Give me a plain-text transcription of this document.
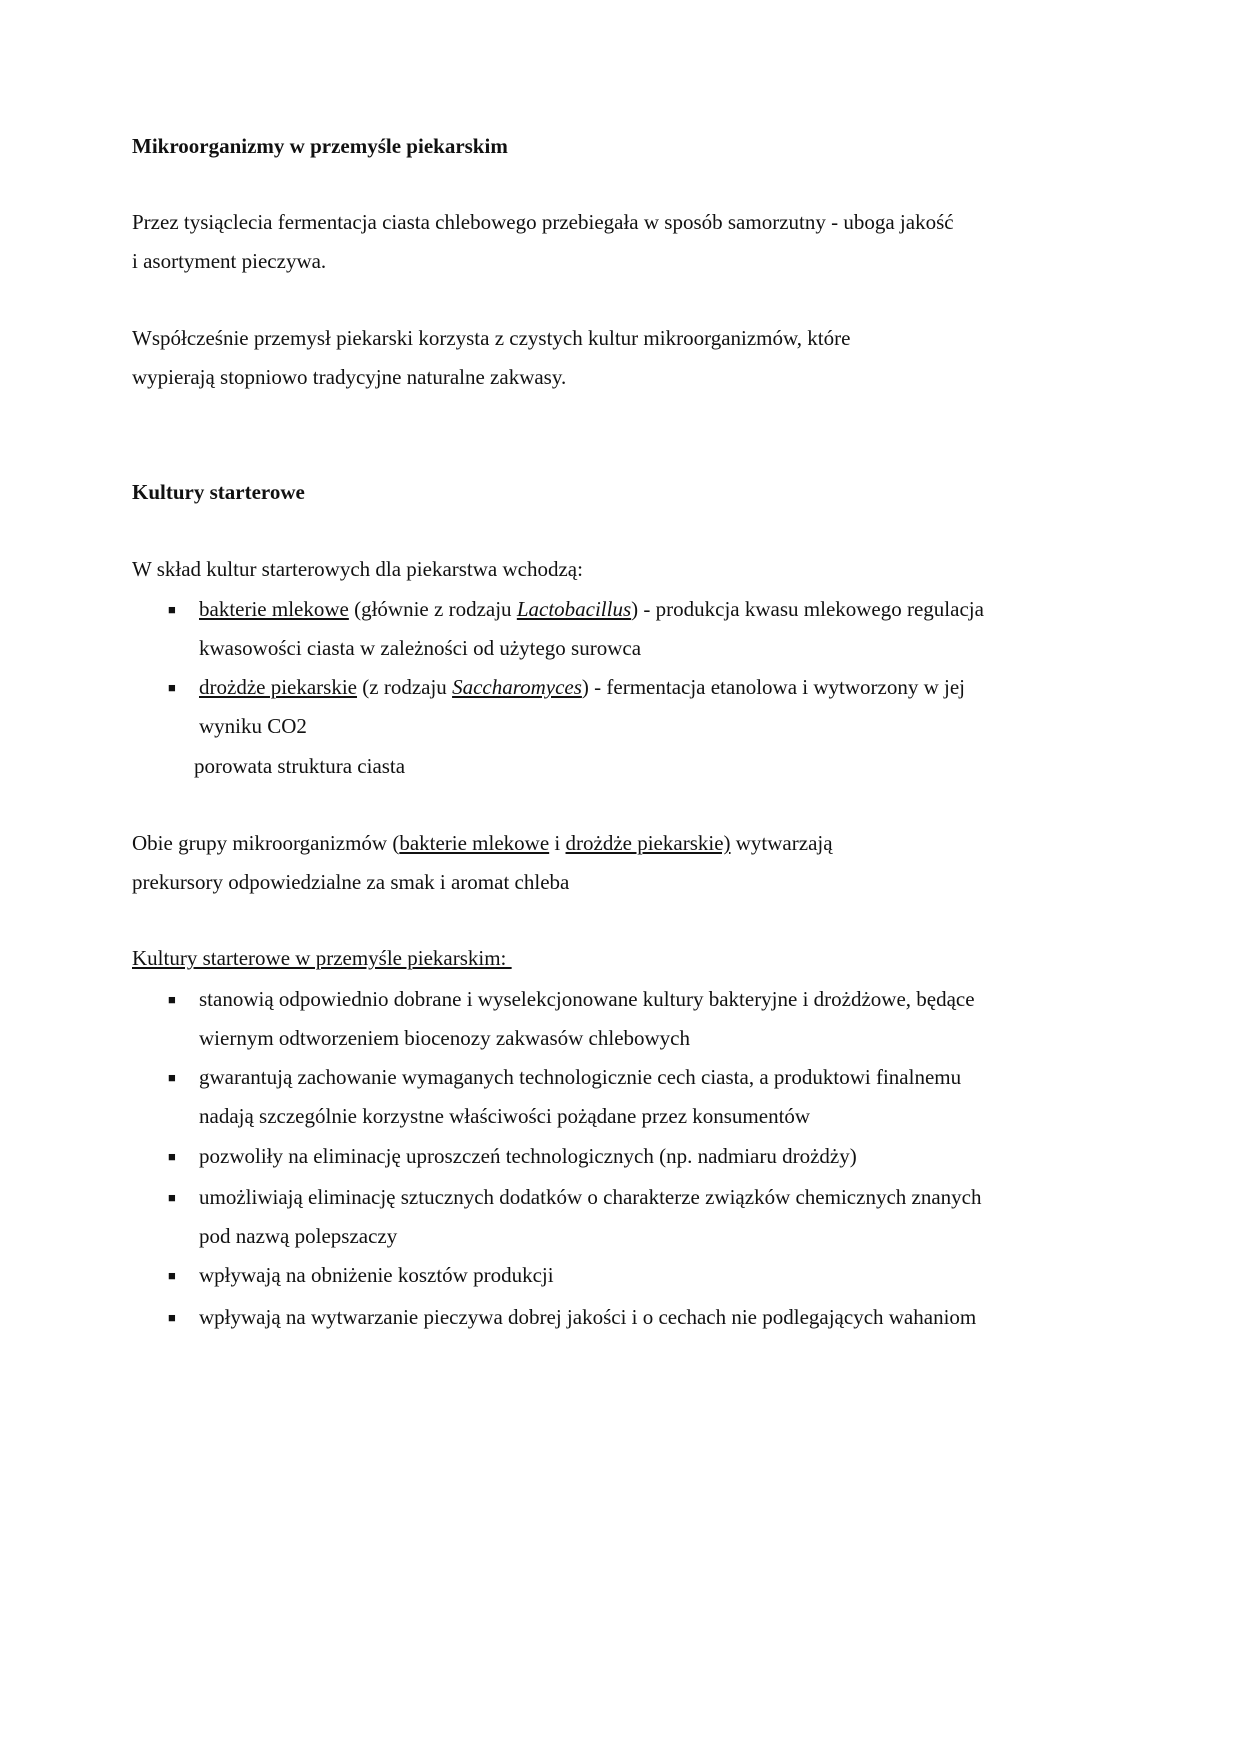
Mikroorganizmy w przemyśle piekarskim
Przez tysiąclecia fermentacja ciasta chlebowego przebiegała w sposób samorzutny - uboga jakość i asortyment pieczywa.
Współcześnie przemysł piekarski korzysta z czystych kultur mikroorganizmów, które wypierają stopniowo tradycyjne naturalne zakwasy.
Kultury starterowe
W skład kultur starterowych dla piekarstwa wchodzą:
■ bakterie mlekowe (głównie z rodzaju Lactobacillus) - produkcja kwasu mlekowego regulacja kwasowości ciasta w zależności od użytego surowca
■ drożdże piekarskie (z rodzaju Saccharomyces) - fermentacja etanolowa i wytworzony w jej wyniku CO2
porowata struktura ciasta
Obie grupy mikroorganizmów (bakterie mlekowe i drożdże piekarskie) wytwarzają prekursory odpowiedzialne za smak i aromat chleba
Kultury starterowe w przemyśle piekarskim:
■ stanowią odpowiednio dobrane i wyselekcjonowane kultury bakteryjne i drożdżowe, będące wiernym odtworzeniem biocenozy zakwasów chlebowych
■ gwarantują zachowanie wymaganych technologicznie cech ciasta, a produktowi finalnemu nadają szczególnie korzystne właściwości pożądane przez konsumentów
■ pozwoliły na eliminację uproszczeń technologicznych (np. nadmiaru drożdży)
■ umożliwiają eliminację sztucznych dodatków o charakterze związków chemicznych znanych pod nazwą polepszaczy
■ wpływają na obniżenie kosztów produkcji
■ wpływają na wytwarzanie pieczywa dobrej jakości i o cechach nie podlegających wahaniom
